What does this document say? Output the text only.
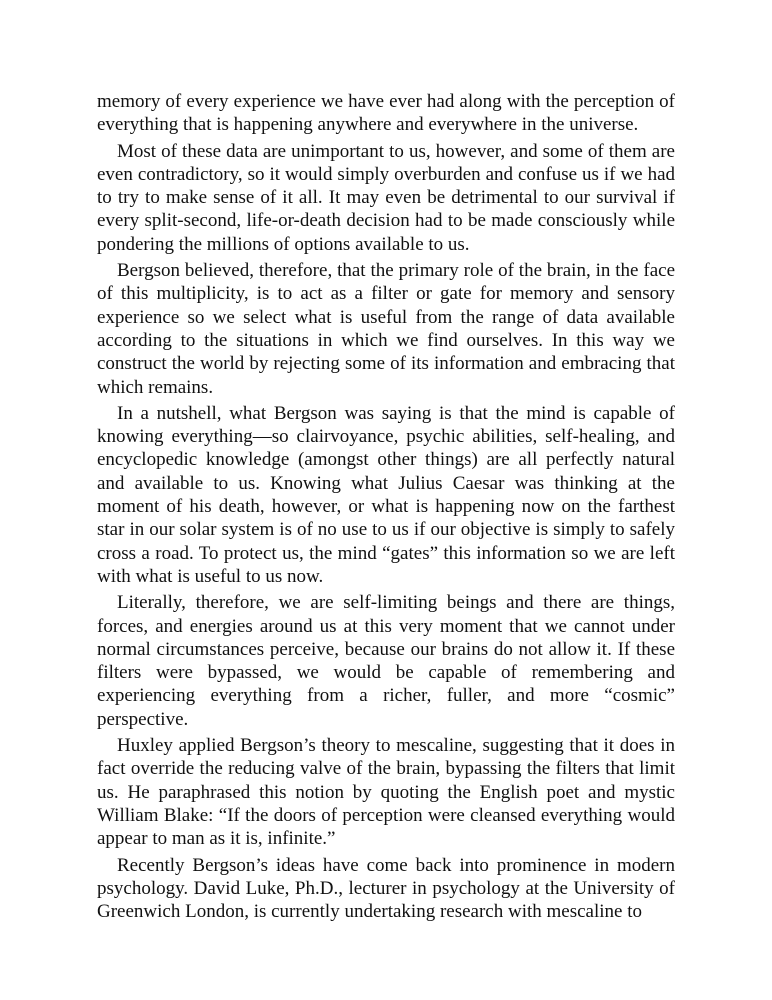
memory of every experience we have ever had along with the perception of everything that is happening anywhere and everywhere in the universe.

Most of these data are unimportant to us, however, and some of them are even contradictory, so it would simply overburden and confuse us if we had to try to make sense of it all. It may even be detrimental to our survival if every split-second, life-or-death decision had to be made consciously while pondering the millions of options available to us.

Bergson believed, therefore, that the primary role of the brain, in the face of this multiplicity, is to act as a filter or gate for memory and sensory experience so we select what is useful from the range of data available according to the situations in which we find ourselves. In this way we construct the world by rejecting some of its information and embracing that which remains.

In a nutshell, what Bergson was saying is that the mind is capable of knowing everything—so clairvoyance, psychic abilities, self-healing, and encyclopedic knowledge (amongst other things) are all perfectly natural and available to us. Knowing what Julius Caesar was thinking at the moment of his death, however, or what is happening now on the farthest star in our solar system is of no use to us if our objective is simply to safely cross a road. To protect us, the mind “gates” this information so we are left with what is useful to us now.

Literally, therefore, we are self-limiting beings and there are things, forces, and energies around us at this very moment that we cannot under normal circumstances perceive, because our brains do not allow it. If these filters were bypassed, we would be capable of remembering and experiencing everything from a richer, fuller, and more “cosmic” perspective.

Huxley applied Bergson’s theory to mescaline, suggesting that it does in fact override the reducing valve of the brain, bypassing the filters that limit us. He paraphrased this notion by quoting the English poet and mystic William Blake: “If the doors of perception were cleansed everything would appear to man as it is, infinite.”

Recently Bergson’s ideas have come back into prominence in modern psychology. David Luke, Ph.D., lecturer in psychology at the University of Greenwich London, is currently undertaking research with mescaline to
